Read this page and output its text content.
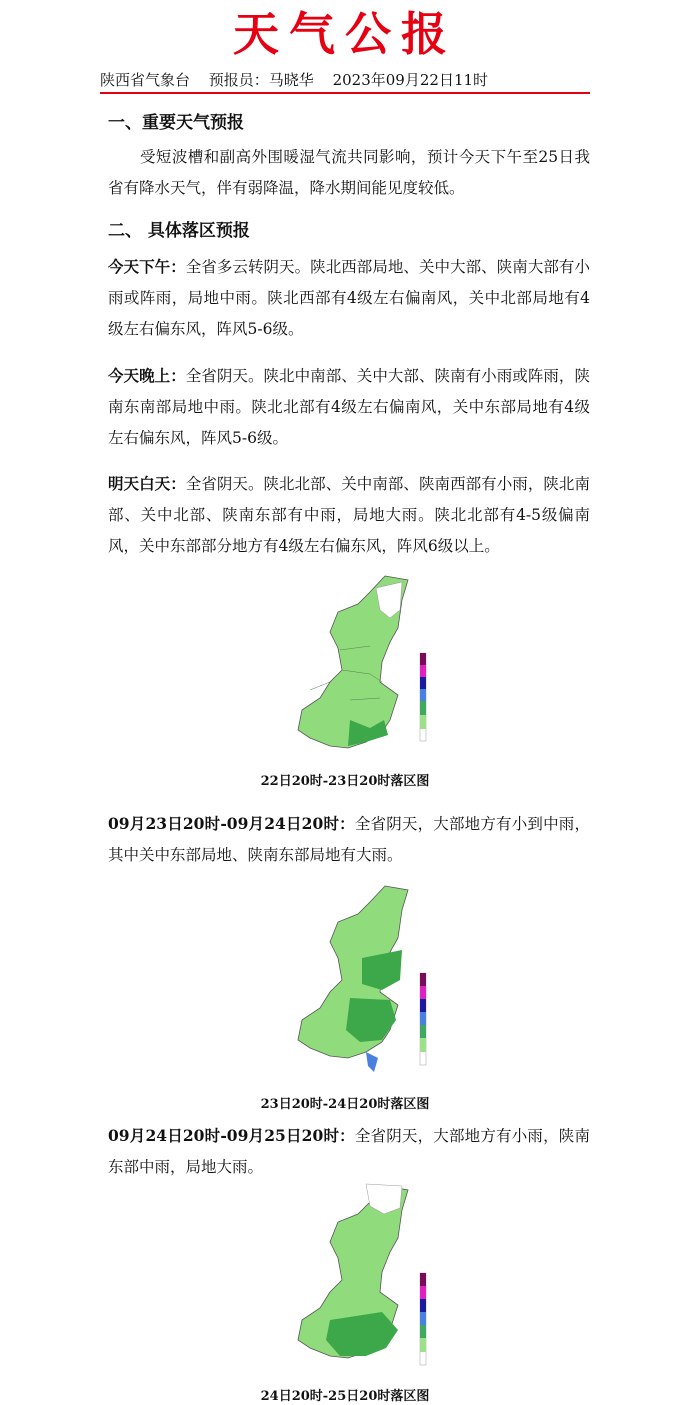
天气公报
陕西省气象台 预报员：马晓华 2023年09月22日11时
一、重要天气预报
受短波槽和副高外围暖湿气流共同影响，预计今天下午至25日我省有降水天气，伴有弱降温，降水期间能见度较低。
二、 具体落区预报
今天下午：全省多云转阴天。陕北西部局地、关中大部、陕南大部有小雨或阵雨，局地中雨。陕北西部有4级左右偏南风，关中北部局地有4级左右偏东风，阵风5-6级。
今天晚上：全省阴天。陕北中南部、关中大部、陕南有小雨或阵雨，陕南东南部局地中雨。陕北北部有4级左右偏南风，关中东部局地有4级左右偏东风，阵风5-6级。
明天白天：全省阴天。陕北北部、关中南部、陕南西部有小雨，陕北南部、关中北部、陕南东部有中雨，局地大雨。陕北北部有4-5级偏南风，关中东部部分地方有4级左右偏东风，阵风6级以上。
22日20时-23日20时落区图
09月23日20时-09月24日20时：全省阴天，大部地方有小到中雨，其中关中东部局地、陕南东部局地有大雨。
23日20时-24日20时落区图
09月24日20时-09月25日20时：全省阴天，大部地方有小雨，陕南东部中雨，局地大雨。
24日20时-25日20时落区图
